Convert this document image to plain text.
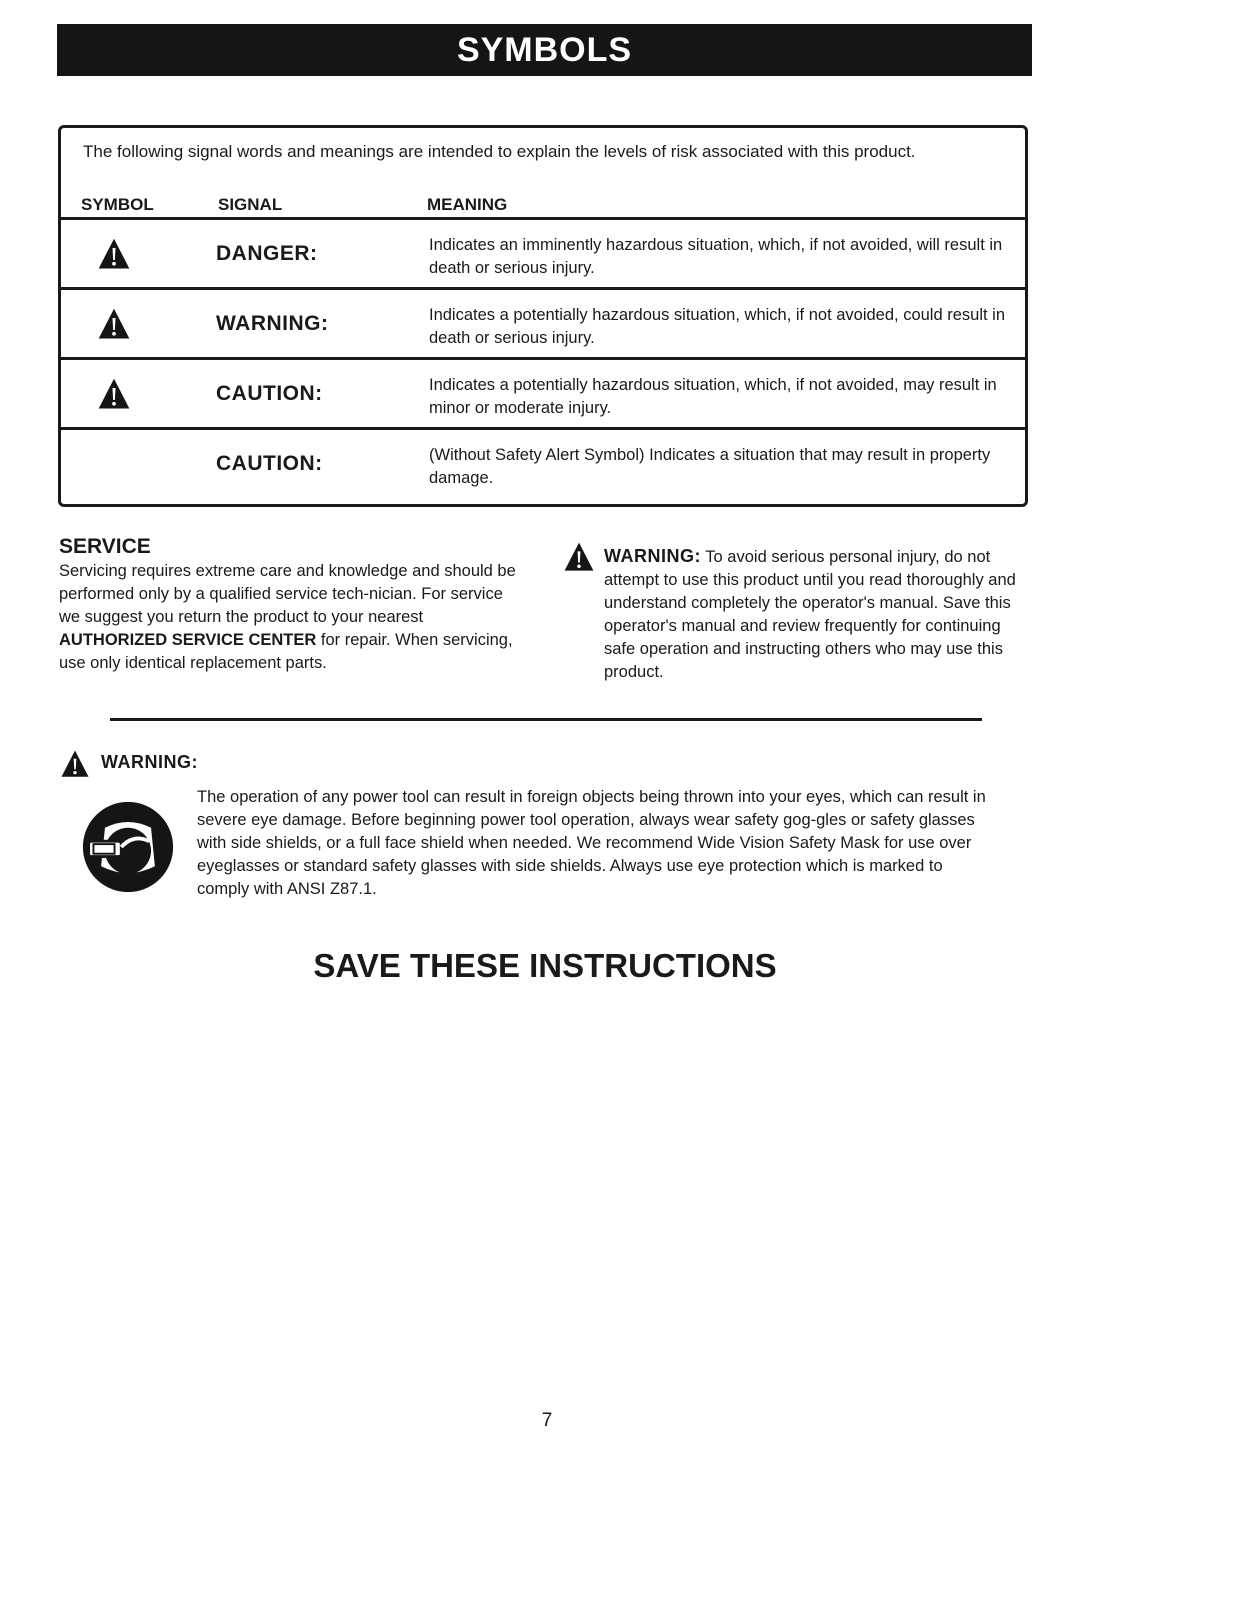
SYMBOLS
The following signal words and meanings are intended to explain the levels of risk associated with this product.
SYMBOL	SIGNAL	MEANING
DANGER:	Indicates an imminently hazardous situation, which, if not avoided, will result in death or serious injury.
WARNING:	Indicates a potentially hazardous situation, which, if not avoided, could result in death or serious injury.
CAUTION:	Indicates a potentially hazardous situation, which, if not avoided, may result in minor or moderate injury.
CAUTION:	(Without Safety Alert Symbol) Indicates a situation that may result in property damage.
SERVICE
Servicing requires extreme care and knowledge and should be performed only by a qualified service tech-nician. For service we suggest you return the product to your nearest AUTHORIZED SERVICE CENTER for repair. When servicing, use only identical replacement parts.
WARNING: To avoid serious personal injury, do not attempt to use this product until you read thoroughly and understand completely the operator's manual. Save this operator's manual and review frequently for continuing safe operation and instructing others who may use this product.
WARNING:
The operation of any power tool can result in foreign objects being thrown into your eyes, which can result in severe eye damage. Before beginning power tool operation, always wear safety gog-gles or safety glasses with side shields, or a full face shield when needed. We recommend Wide Vision Safety Mask for use over eyeglasses or standard safety glasses with side shields. Always use eye protection which is marked to comply with ANSI Z87.1.
SAVE THESE INSTRUCTIONS
7
